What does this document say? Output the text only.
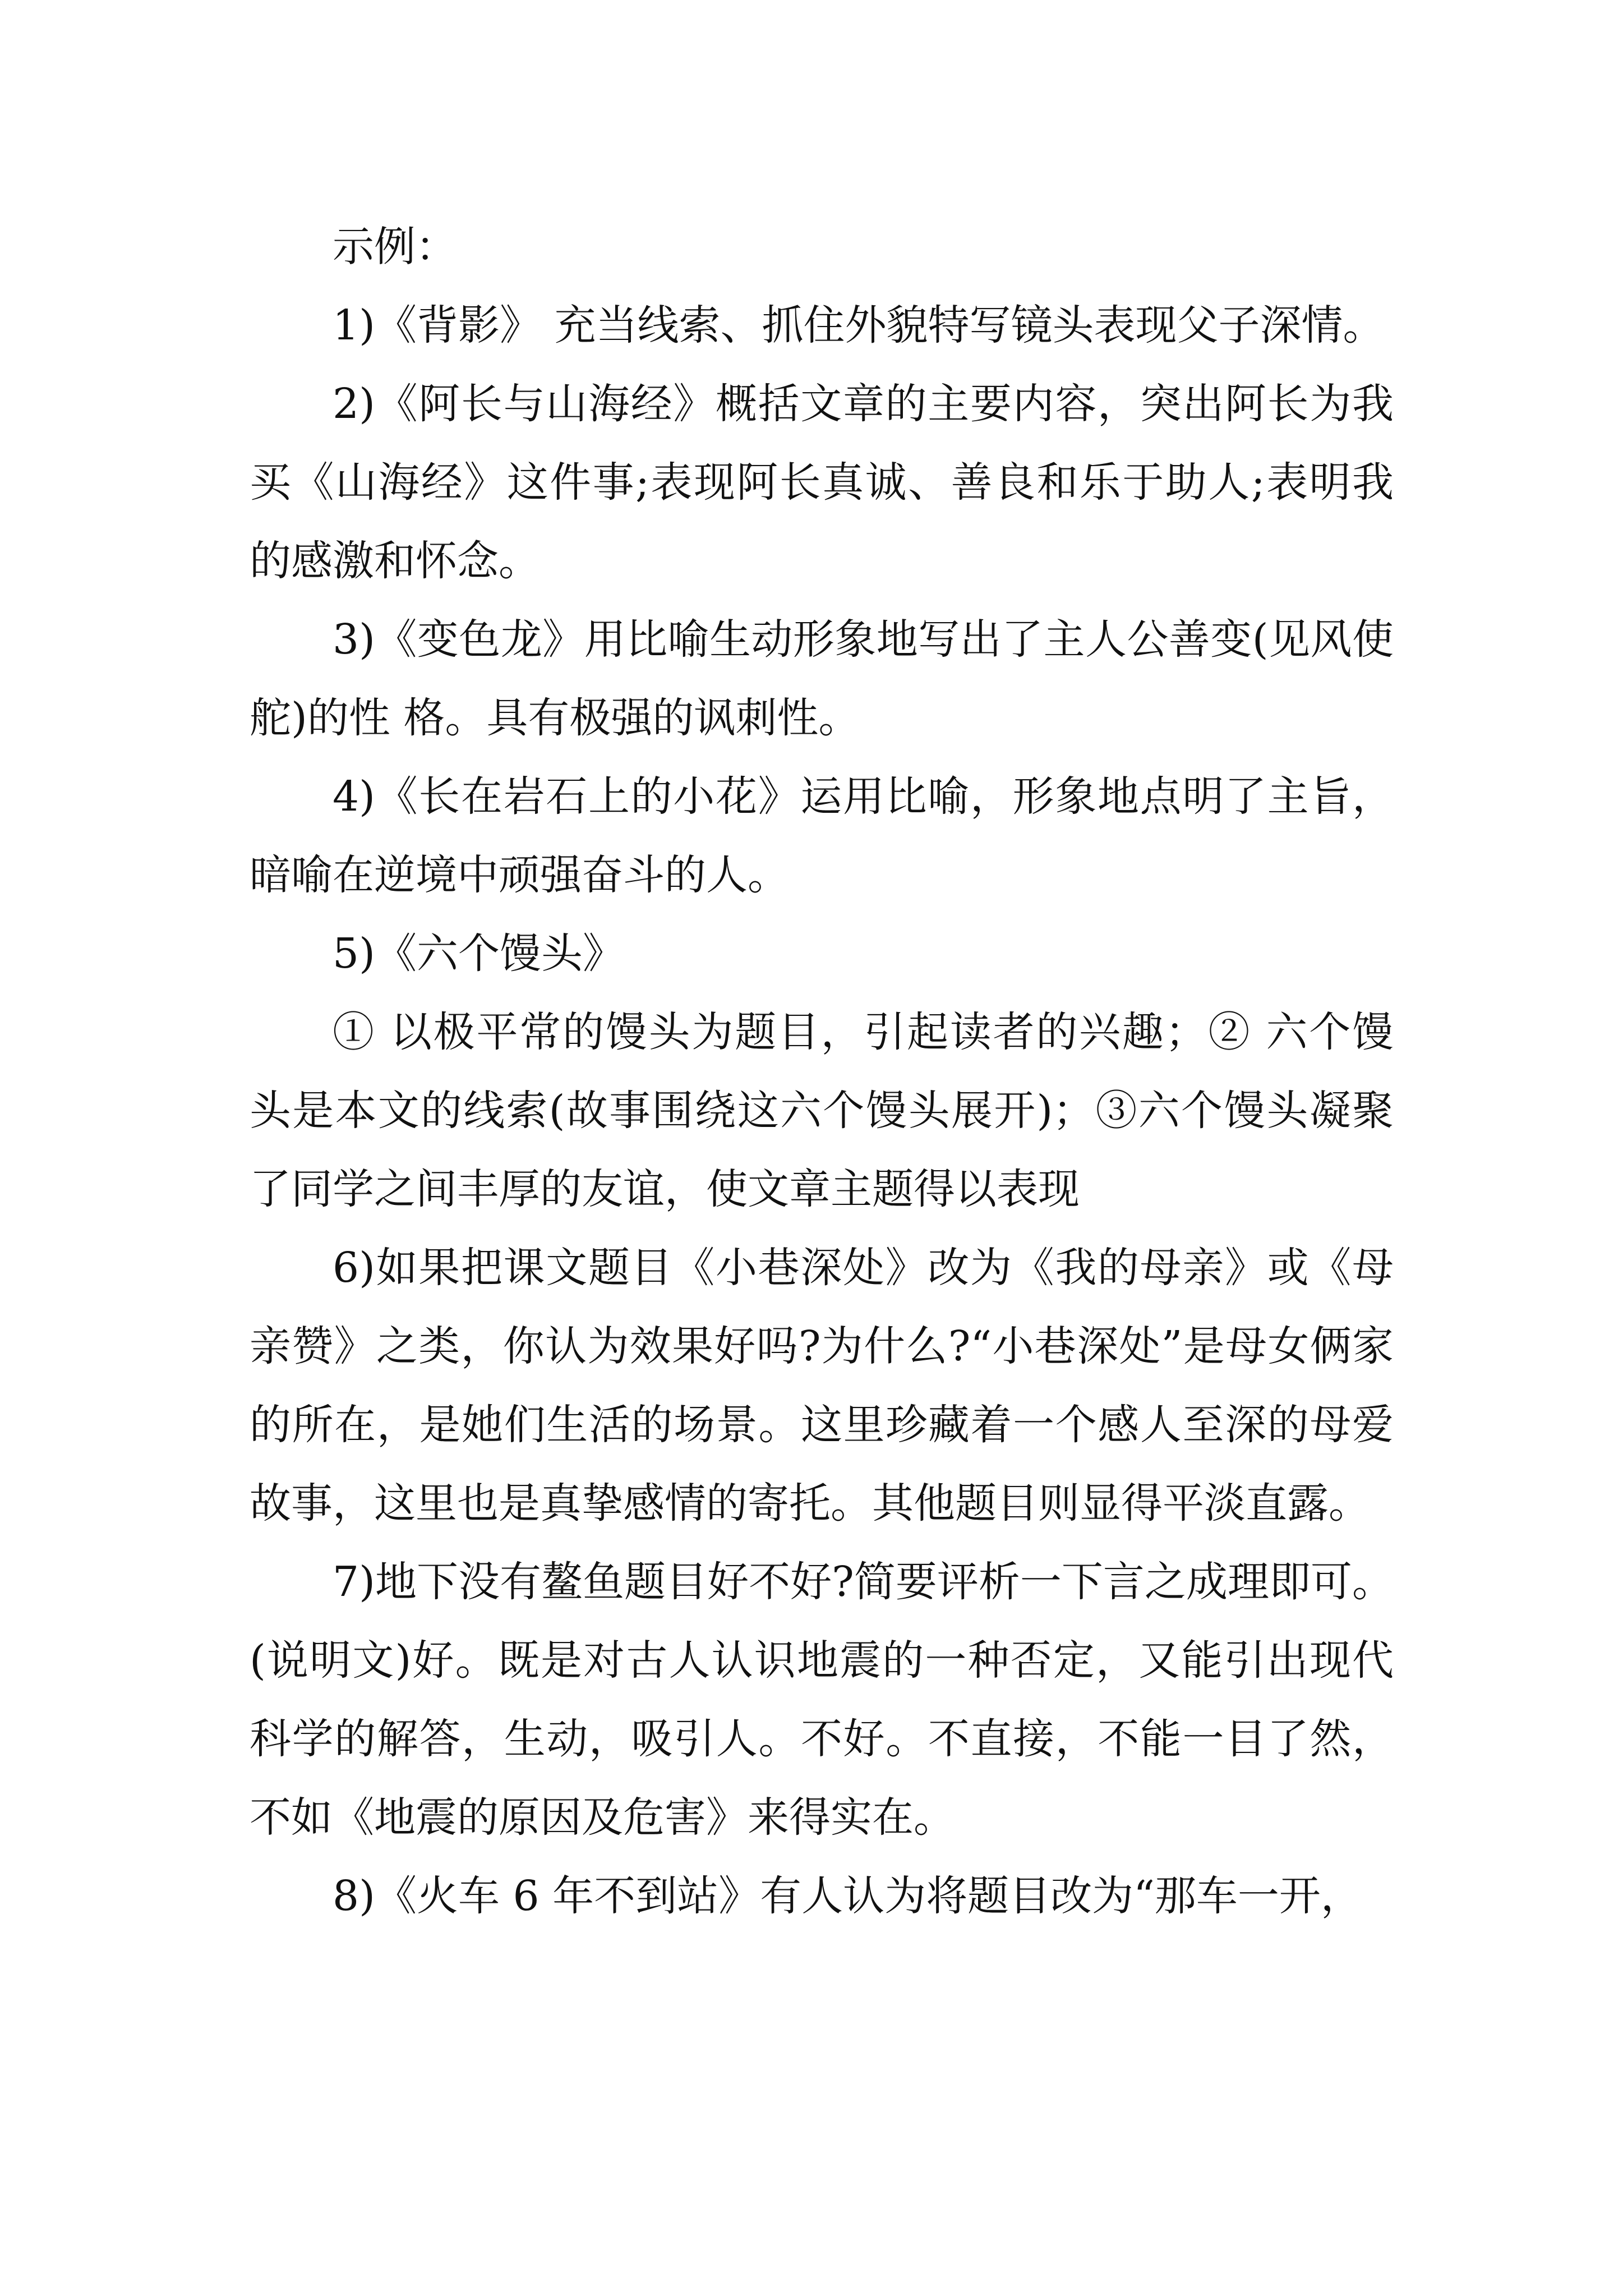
示例：

1)《背影》 充当线索、抓住外貌特写镜头表现父子深情。

2)《阿长与山海经》概括文章的主要内容，突出阿长为我买《山海经》这件事;表现阿长真诚、善良和乐于助人;表明我的感激和怀念。

3)《变色龙》用比喻生动形象地写出了主人公善变(见风使舵)的性 格。具有极强的讽刺性。

4)《长在岩石上的小花》运用比喻，形象地点明了主旨，暗喻在逆境中顽强奋斗的人。

5)《六个馒头》

① 以极平常的馒头为题目，引起读者的兴趣；② 六个馒头是本文的线索(故事围绕这六个馒头展开)；③六个馒头凝聚了同学之间丰厚的友谊，使文章主题得以表现

6)如果把课文题目《小巷深处》改为《我的母亲》或《母亲赞》之类，你认为效果好吗?为什么?“小巷深处”是母女俩家的所在，是她们生活的场景。这里珍藏着一个感人至深的母爱故事，这里也是真挚感情的寄托。其他题目则显得平淡直露。

7)地下没有鳌鱼题目好不好?简要评析一下言之成理即可。(说明文)好。既是对古人认识地震的一种否定，又能引出现代科学的解答，生动，吸引人。不好。不直接，不能一目了然，不如《地震的原因及危害》来得实在。

8)《火车 6 年不到站》有人认为将题目改为“那车一开，
